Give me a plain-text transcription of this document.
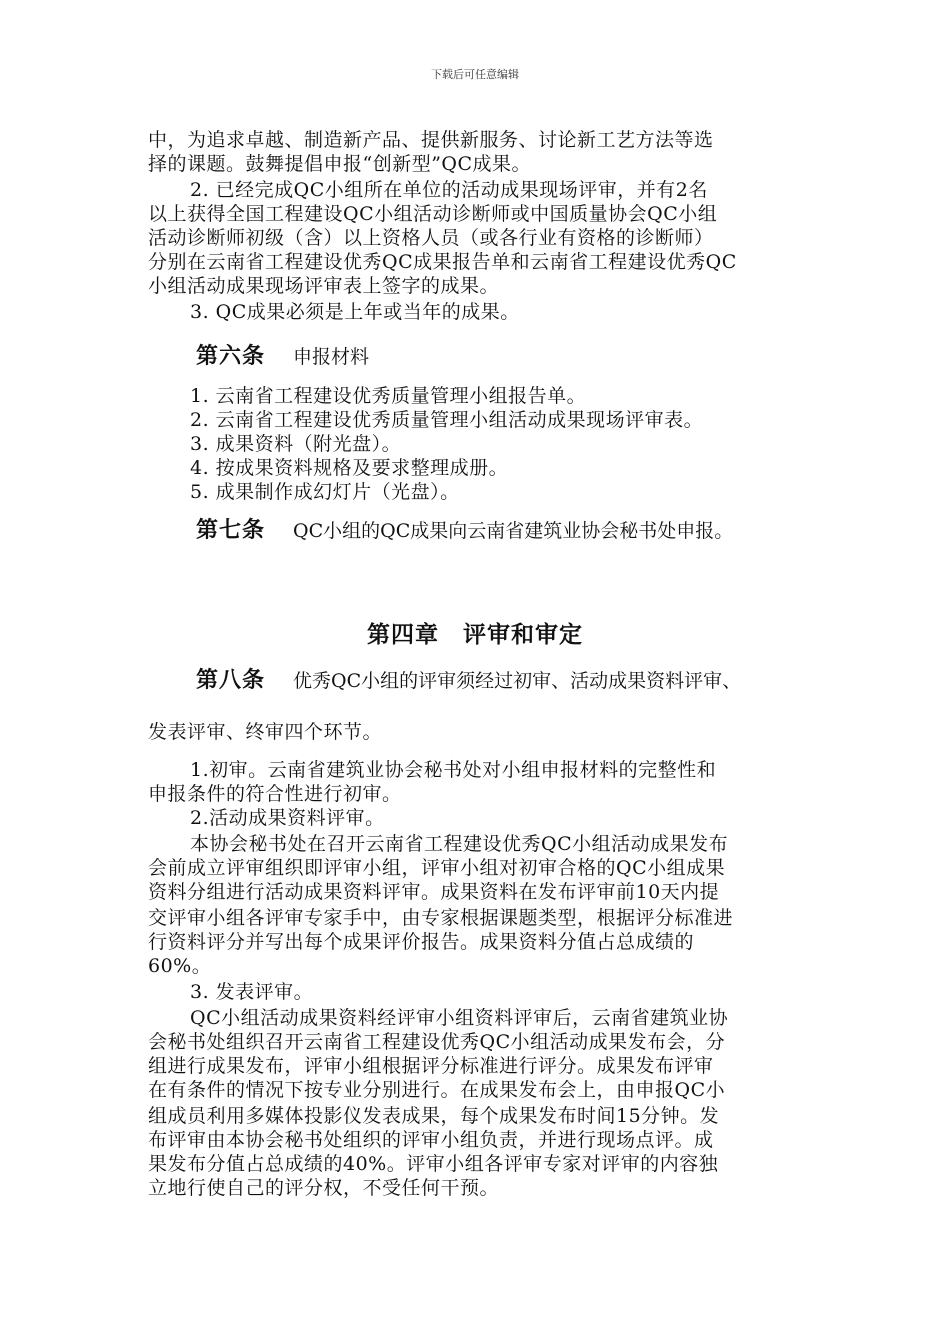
下载后可任意编辑
中，为追求卓越、制造新产品、提供新服务、讨论新工艺方法等选
择的课题。鼓舞提倡申报“创新型”QC成果。
2. 已经完成QC小组所在单位的活动成果现场评审，并有2名
以上获得全国工程建设QC小组活动诊断师或中国质量协会QC小组
活动诊断师初级（含）以上资格人员（或各行业有资格的诊断师）
分别在云南省工程建设优秀QC成果报告单和云南省工程建设优秀QC
小组活动成果现场评审表上签字的成果。
3. QC成果必须是上年或当年的成果。
第六条 申报材料
1. 云南省工程建设优秀质量管理小组报告单。
2. 云南省工程建设优秀质量管理小组活动成果现场评审表。
3. 成果资料（附光盘）。
4. 按成果资料规格及要求整理成册。
5. 成果制作成幻灯片（光盘）。
第七条 QC小组的QC成果向云南省建筑业协会秘书处申报。
第四章　评审和审定
第八条 优秀QC小组的评审须经过初审、活动成果资料评审、
发表评审、终审四个环节。
1.初审。云南省建筑业协会秘书处对小组申报材料的完整性和
申报条件的符合性进行初审。
2.活动成果资料评审。
本协会秘书处在召开云南省工程建设优秀QC小组活动成果发布
会前成立评审组织即评审小组，评审小组对初审合格的QC小组成果
资料分组进行活动成果资料评审。成果资料在发布评审前10天内提
交评审小组各评审专家手中，由专家根据课题类型，根据评分标准进
行资料评分并写出每个成果评价报告。成果资料分值占总成绩的
60%。
3. 发表评审。
QC小组活动成果资料经评审小组资料评审后，云南省建筑业协
会秘书处组织召开云南省工程建设优秀QC小组活动成果发布会，分
组进行成果发布，评审小组根据评分标准进行评分。成果发布评审
在有条件的情况下按专业分别进行。在成果发布会上，由申报QC小
组成员利用多媒体投影仪发表成果，每个成果发布时间15分钟。发
布评审由本协会秘书处组织的评审小组负责，并进行现场点评。成
果发布分值占总成绩的40%。评审小组各评审专家对评审的内容独
立地行使自己的评分权，不受任何干预。
